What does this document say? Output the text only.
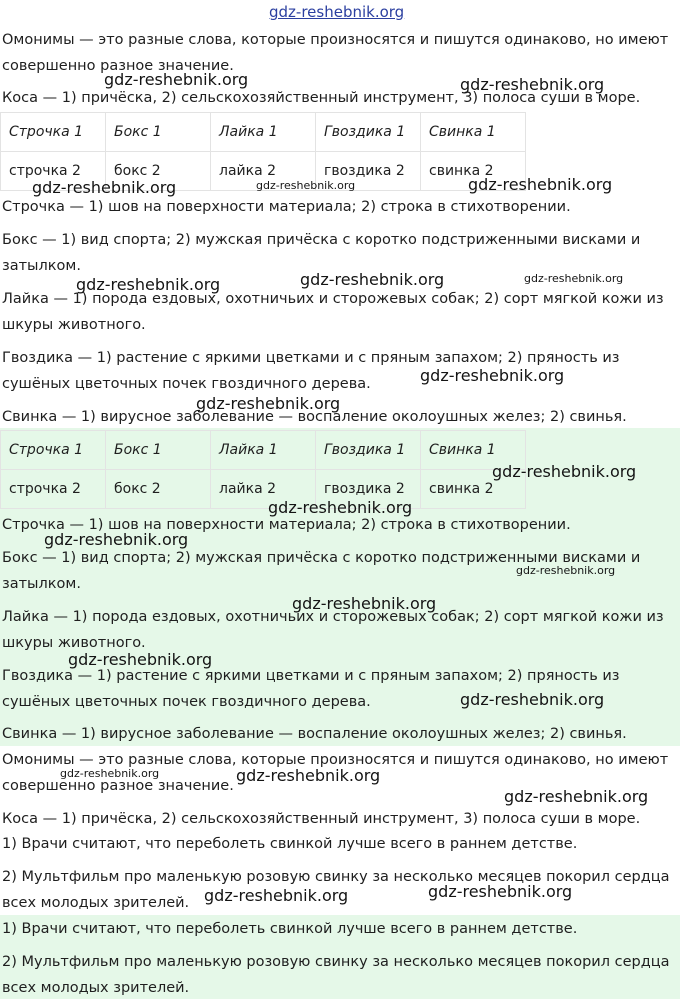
gdz-reshebnik.org

Омонимы — это разные слова, которые произносятся и пишутся одинаково, но имеют совершенно разное значение.

Коса — 1) причёска, 2) сельскохозяйственный инструмент, 3) полоса суши в море.

Строчка 1	Бокс 1	Лайка 1	Гвоздика 1	Свинка 1
строчка 2	бокс 2	лайка 2	гвоздика 2	свинка 2

Строчка — 1) шов на поверхности материала; 2) строка в стихотворении.

Бокс — 1) вид спорта; 2) мужская причёска с коротко подстриженными висками и затылком.

Лайка — 1) порода ездовых, охотничьих и сторожевых собак; 2) сорт мягкой кожи из шкуры животного.

Гвоздика — 1) растение с яркими цветками и с пряным запахом; 2) пряность из сушёных цветочных почек гвоздичного дерева.

Свинка — 1) вирусное заболевание — воспаление околоушных желез; 2) свинья.

Строчка 1	Бокс 1	Лайка 1	Гвоздика 1	Свинка 1
строчка 2	бокс 2	лайка 2	гвоздика 2	свинка 2

Строчка — 1) шов на поверхности материала; 2) строка в стихотворении.

Бокс — 1) вид спорта; 2) мужская причёска с коротко подстриженными висками и затылком.

Лайка — 1) порода ездовых, охотничьих и сторожевых собак; 2) сорт мягкой кожи из шкуры животного.

Гвоздика — 1) растение с яркими цветками и с пряным запахом; 2) пряность из сушёных цветочных почек гвоздичного дерева.

Свинка — 1) вирусное заболевание — воспаление околоушных желез; 2) свинья.

Омонимы — это разные слова, которые произносятся и пишутся одинаково, но имеют совершенно разное значение.

Коса — 1) причёска, 2) сельскохозяйственный инструмент, 3) полоса суши в море.

1) Врачи считают, что переболеть свинкой лучше всего в раннем детстве.

2) Мультфильм про маленькую розовую свинку за несколько месяцев покорил сердца всех молодых зрителей.

1) Врачи считают, что переболеть свинкой лучше всего в раннем детстве.

2) Мультфильм про маленькую розовую свинку за несколько месяцев покорил сердца всех молодых зрителей.

gdz-reshebnik.org	gdz-reshebnik.org
gdz-reshebnik.org	gdz-reshebnik.org	gdz-reshebnik.org
gdz-reshebnik.org	gdz-reshebnik.org	gdz-reshebnik.org
gdz-reshebnik.org
gdz-reshebnik.org
gdz-reshebnik.org
gdz-reshebnik.org
gdz-reshebnik.org
gdz-reshebnik.org
gdz-reshebnik.org
gdz-reshebnik.org
gdz-reshebnik.org
gdz-reshebnik.org	gdz-reshebnik.org
gdz-reshebnik.org
gdz-reshebnik.org
gdz-reshebnik.org
